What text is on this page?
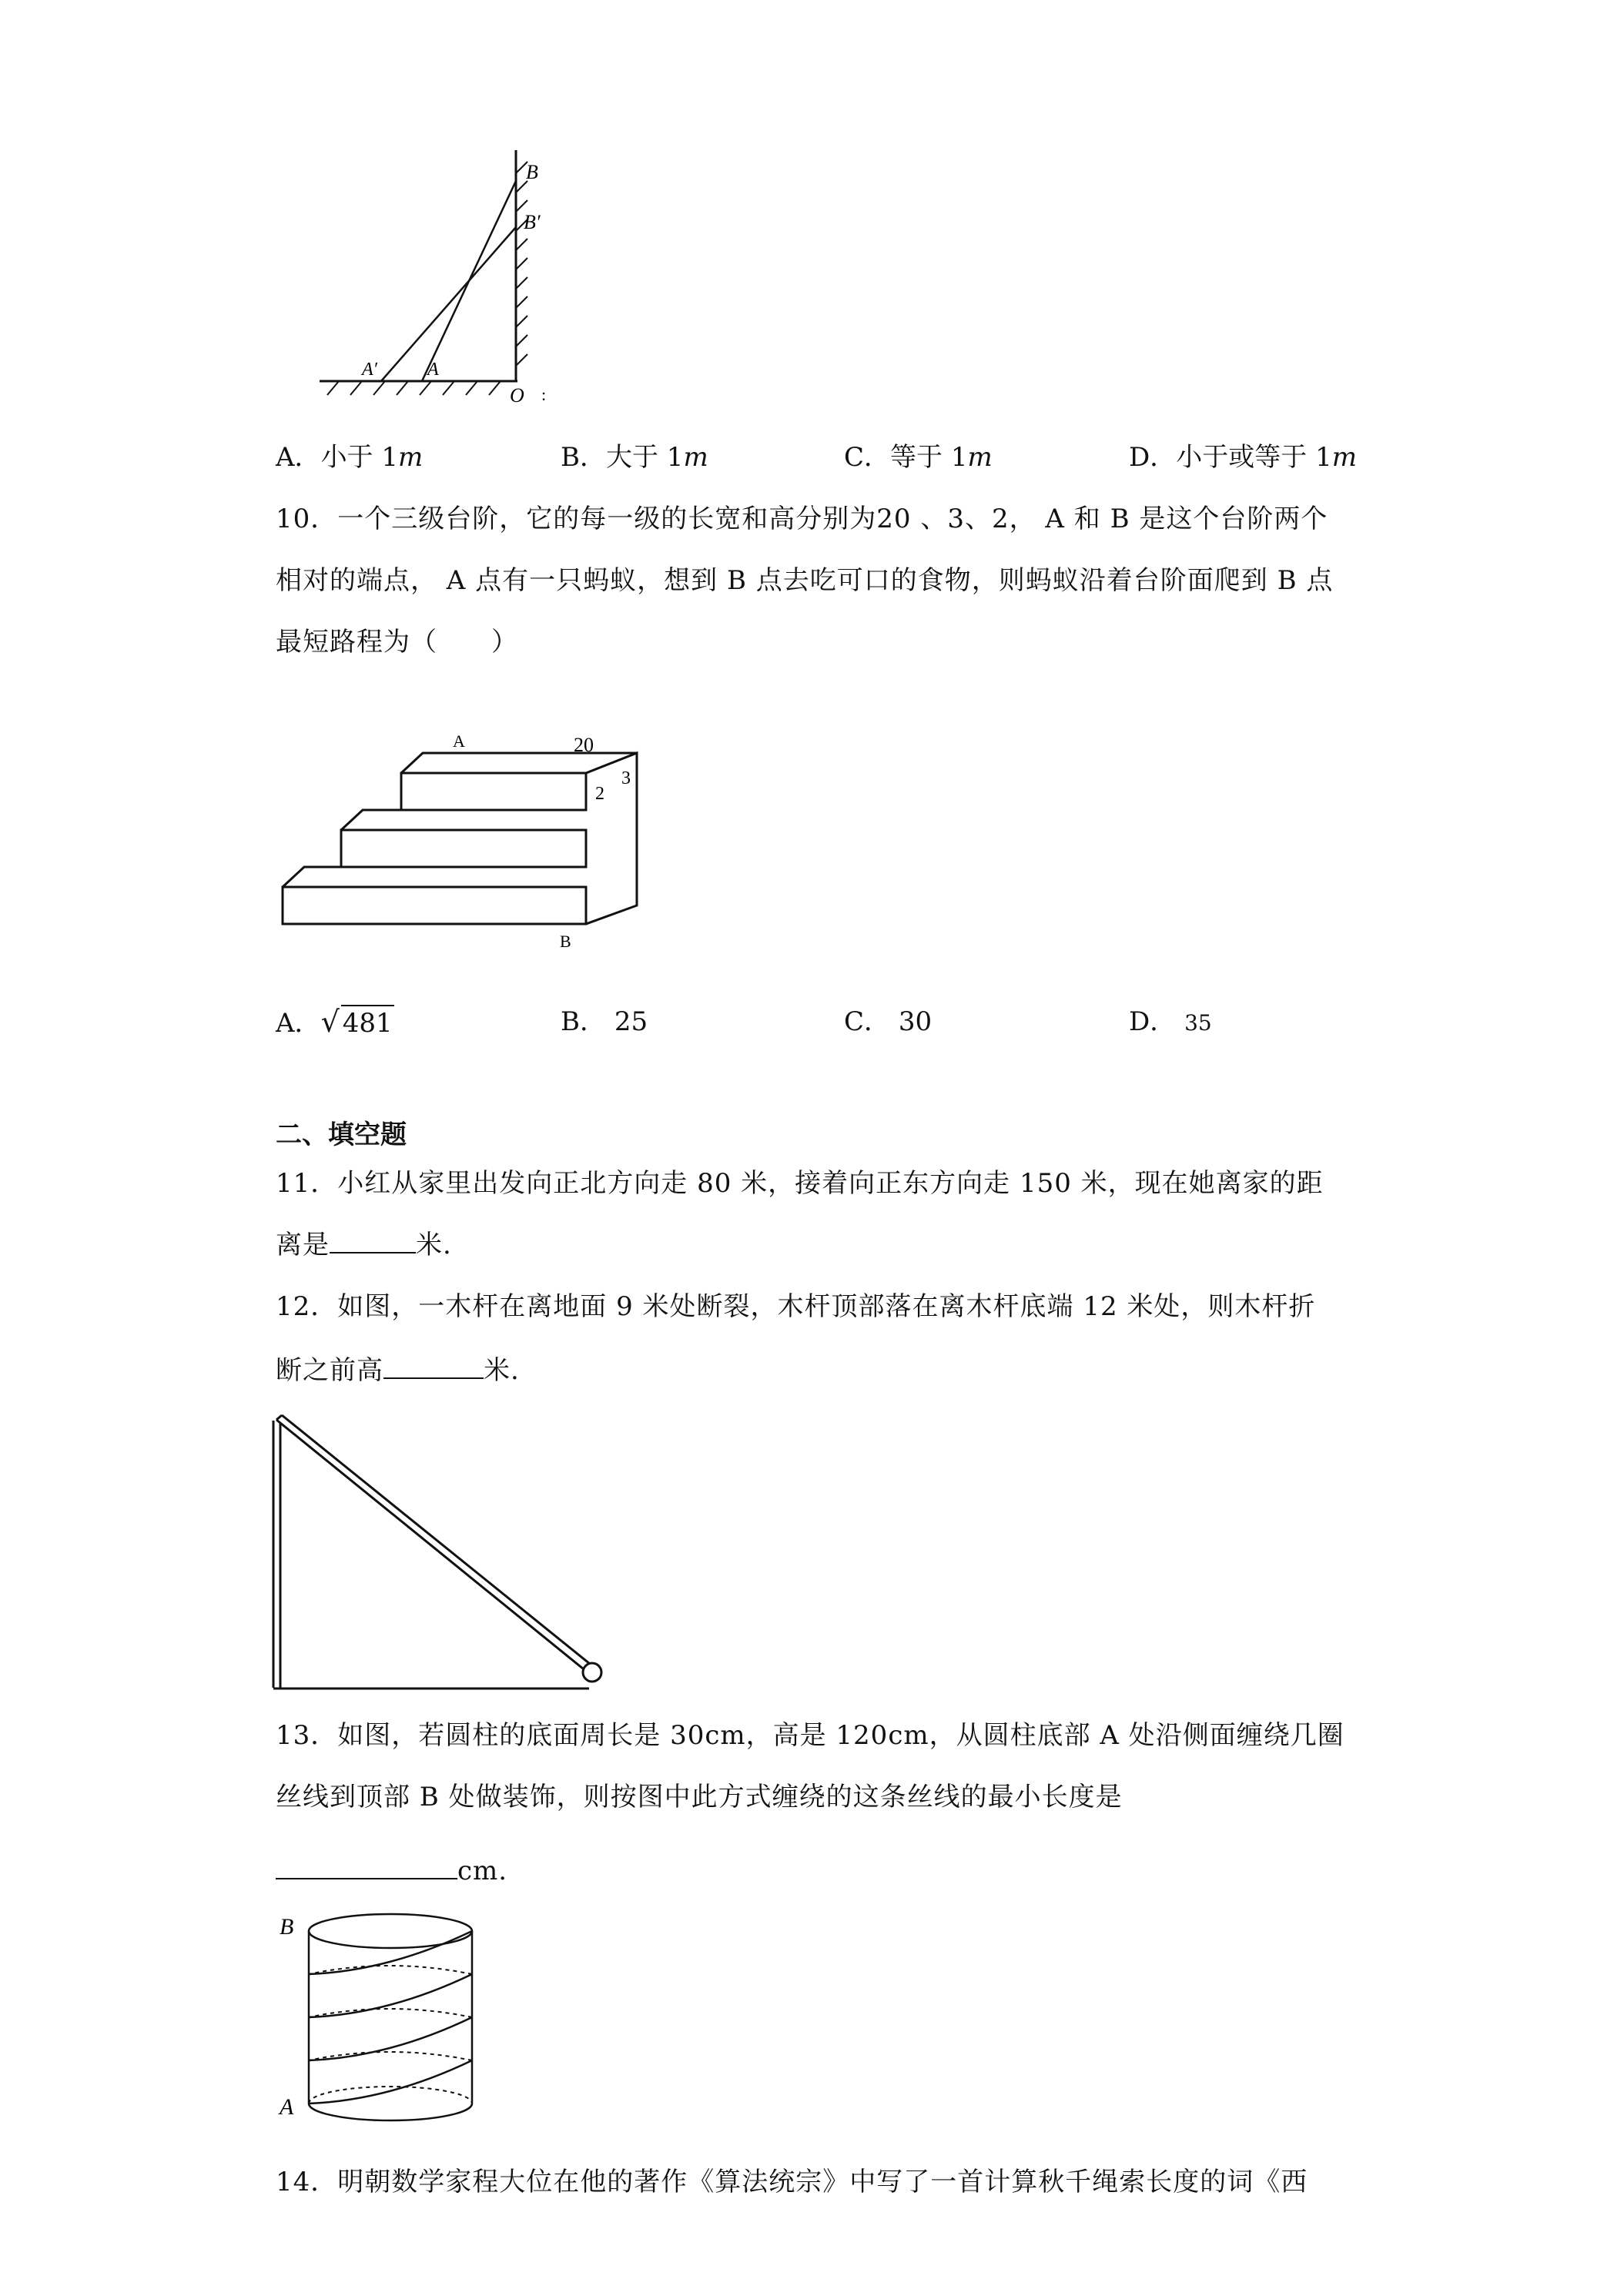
B
B′
A
A′
O :
A．小于 1m	B．大于 1m	C．等于 1m	D．小于或等于 1m
10．一个三级台阶，它的每一级的长宽和高分别为20 、3、2， A 和 B 是这个台阶两个
相对的端点， A 点有一只蚂蚁，想到 B 点去吃可口的食物，则蚂蚁沿着台阶面爬到 B 点
最短路程为（　　）
A	20
3
2
B
A．√ 481	B． 25	C． 30	D． 35
二、填空题
11．小红从家里出发向正北方向走 80 米，接着向正东方向走 150 米，现在她离家的距
离是	米.
12．如图，一木杆在离地面 9 米处断裂，木杆顶部落在离木杆底端 12 米处，则木杆折
断之前高	米.
13．如图，若圆柱的底面周长是 30cm，高是 120cm，从圆柱底部 A 处沿侧面缠绕几圈
丝线到顶部 B 处做装饰，则按图中此方式缠绕的这条丝线的最小长度是
cm.
B
A
14．明朝数学家程大位在他的著作《算法统宗》中写了一首计算秋千绳索长度的词《西
